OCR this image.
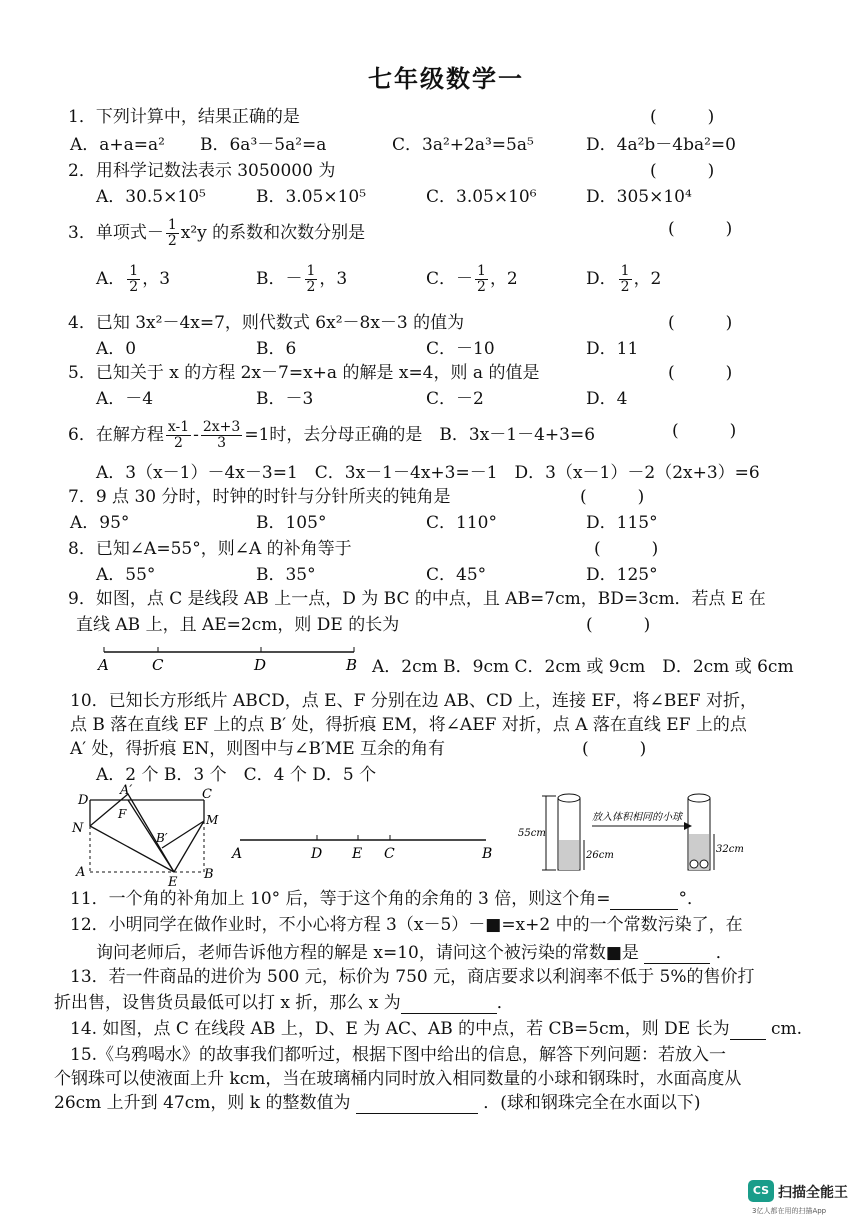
七年级数学一
1．下列计算中，结果正确的是	(　　　)
A．a+a=a² B．6a³－5a²=a	C．3a²+2a³=5a⁵	D．4a²b－4ba²=0
2．用科学记数法表示 3050000 为	(　　　)
A．30.5×10⁵	B．3.05×10⁵	C．3.05×10⁶	D．305×10⁴
3．单项式－ $\frac{1}{2} x^2y$ 的系数和次数分别是	(　　　)
A． $\frac{1}{2}$ ，3	B．－ $\frac{1}{2}$ ，3	C．－ $\frac{1}{2}$ ，2	D． $\frac{1}{2}$ ，2
4．已知 3x²－4x=7，则代数式 6x²－8x－3 的值为	(　　　)
A．0	B．6	C．－10	D．11
5．已知关于 x 的方程 2x－7=x+a 的解是 x=4，则 a 的值是	(　　　)
A．－4	B．－3	C．－2	D．4
6．在解方程 $\frac{x-1}{2} - \frac{2x+3}{3} =1$时，去分母正确的是　B．3x－1－4+3=6	(　　　)
A．3（x－1）－4x－3=1　C．3x－1－4x+3=－1　D．3（x－1）－2（2x+3）=6
7．9 点 30 分时，时钟的时针与分针所夹的钝角是	(　　　)
A．95°	B．105°	C．110°	D．115°
8．已知∠A=55°，则∠A 的补角等于	(　　　)
A．55°	B．35°	C．45°	D．125°
9．如图，点 C 是线段 AB 上一点，D 为 BC 的中点，且 AB=7cm，BD=3cm．若点 E 在
直线 AB 上，且 AE=2cm，则 DE 的长为	(　　　)
A	C	D	B A．2cm B．9cm C．2cm 或 9cm　D．2cm 或 6cm
10．已知长方形纸片 ABCD，点 E、F 分别在边 AB、CD 上，连接 EF，将∠BEF 对折，
点 B 落在直线 EF 上的点 B′ 处，得折痕 EM，将∠AEF 对折，点 A 落在直线 EF 上的点
A′ 处，得折痕 EN，则图中与∠B′ME 互余的角有	(　　　)
A．2 个 B．3 个　C．4 个 D．5 个
D
A′	C
N
F	M
B′
A
E
B
A	D E C	B
55cm
26cm
放入体积相同的小球
32cm
11．一个角的补角加上 10° 后，等于这个角的余角的 3 倍，则这个角=	°．
12．小明同学在做作业时，不小心将方程 3（x－5）－■=x+2 中的一个常数污染了，在
询问老师后，老师告诉他方程的解是 x=10，请问这个被污染的常数■是	．
13．若一件商品的进价为 500 元，标价为 750 元，商店要求以利润率不低于 5%的售价打
折出售，设售货员最低可以打 x 折，那么 x 为	．
14. 如图，点 C 在线段 AB 上，D、E 为 AC、AB 的中点，若 CB=5cm，则 DE 长为 cm.
15.《乌鸦喝水》的故事我们都听过，根据下图中给出的信息，解答下列问题：若放入一
个钢珠可以使液面上升 kcm，当在玻璃桶内同时放入相同数量的小球和钢珠时，水面高度从
26cm 上升到 47cm，则 k 的整数值为	．(球和钢珠完全在水面以下)
CS 扫描全能王
3亿人都在用的扫描App
